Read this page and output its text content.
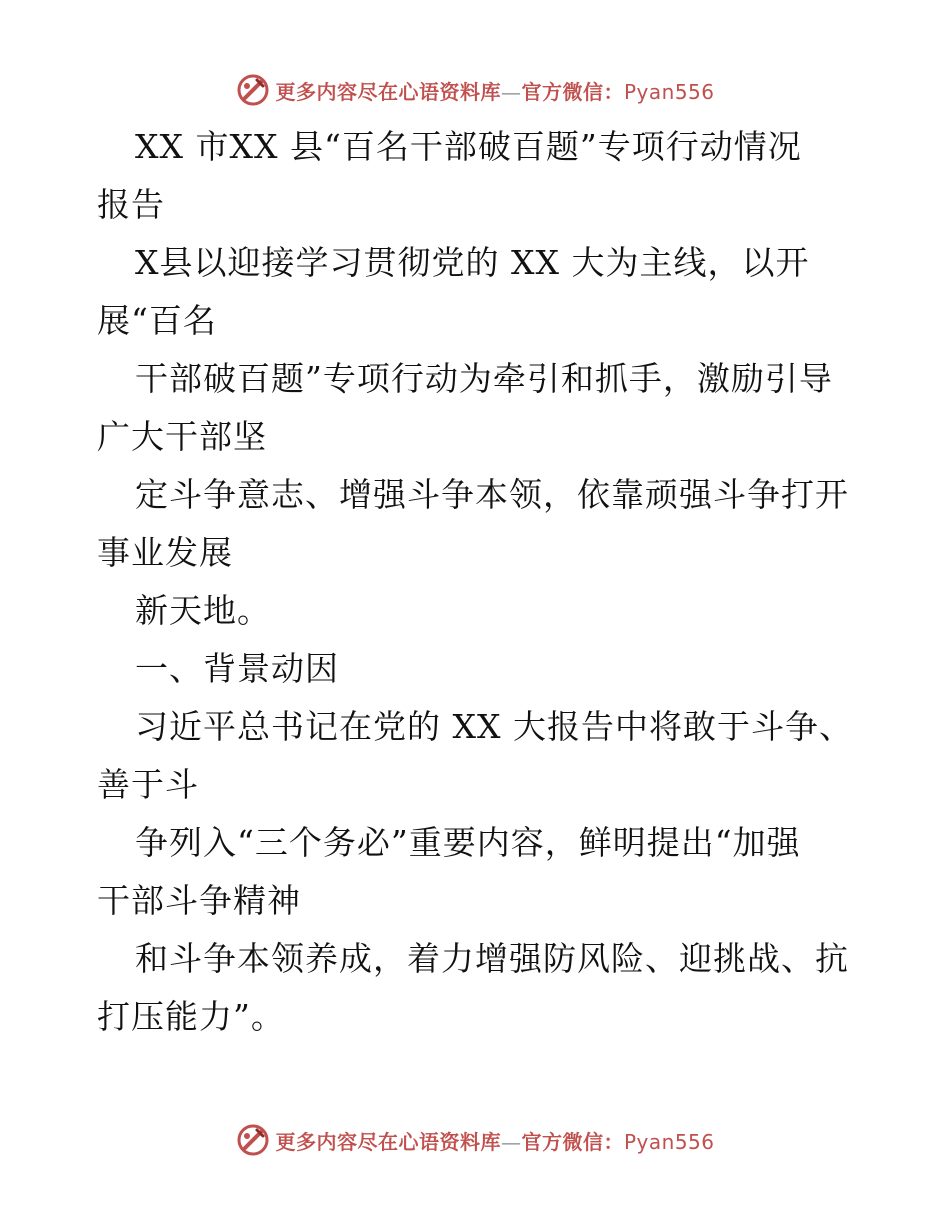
更多内容尽在心语资料库—官方微信：Pyan556
XX 市XX 县“百名干部破百题”专项行动情况
报告
X县以迎接学习贯彻党的 XX 大为主线，以开
展“百名
干部破百题”专项行动为牵引和抓手，激励引导
广大干部坚
定斗争意志、增强斗争本领，依靠顽强斗争打开
事业发展
新天地。
一、背景动因
习近平总书记在党的 XX 大报告中将敢于斗争、
善于斗
争列入“三个务必”重要内容，鲜明提出“加强
干部斗争精神
和斗争本领养成，着力增强防风险、迎挑战、抗
打压能力”。
更多内容尽在心语资料库—官方微信：Pyan556
